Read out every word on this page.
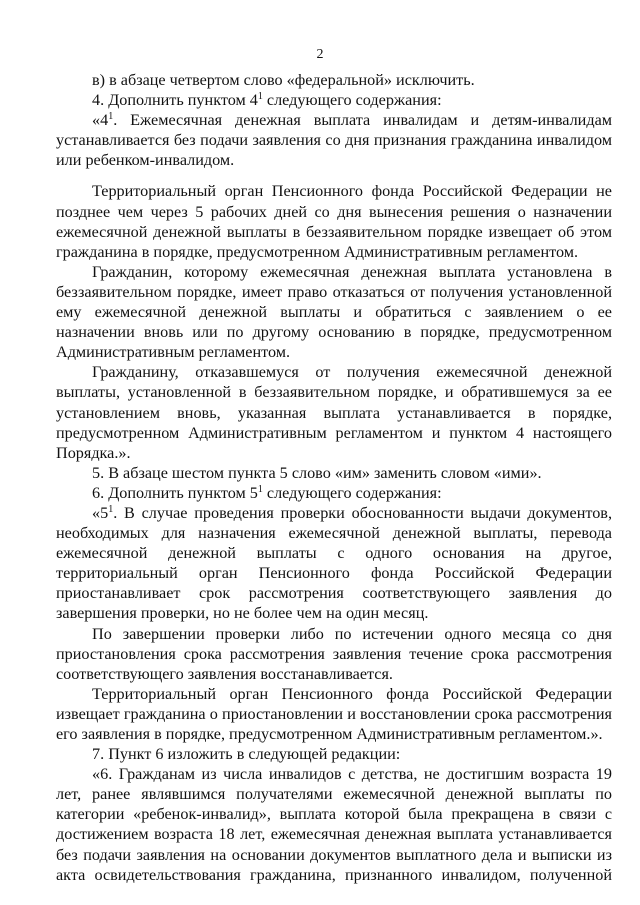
2

в) в абзаце четвертом слово «федеральной» исключить.

4. Дополнить пунктом $4^1$ следующего содержания:

«$4^1$. Ежемесячная денежная выплата инвалидам и детям-инвалидам устанавливается без подачи заявления со дня признания гражданина инвалидом или ребенком-инвалидом.

Территориальный орган Пенсионного фонда Российской Федерации не позднее чем через 5 рабочих дней со дня вынесения решения о назначении ежемесячной денежной выплаты в беззаявительном порядке извещает об этом гражданина в порядке, предусмотренном Административным регламентом.

Гражданин, которому ежемесячная денежная выплата установлена в беззаявительном порядке, имеет право отказаться от получения установленной ему ежемесячной денежной выплаты и обратиться с заявлением о ее назначении вновь или по другому основанию в порядке, предусмотренном Административным регламентом.

Гражданину, отказавшемуся от получения ежемесячной денежной выплаты, установленной в беззаявительном порядке, и обратившемуся за ее установлением вновь, указанная выплата устанавливается в порядке, предусмотренном Административным регламентом и пунктом 4 настоящего Порядка.».

5. В абзаце шестом пункта 5 слово «им» заменить словом «ими».

6. Дополнить пунктом $5^1$ следующего содержания:

«$5^1$. В случае проведения проверки обоснованности выдачи документов, необходимых для назначения ежемесячной денежной выплаты, перевода ежемесячной денежной выплаты с одного основания на другое, территориальный орган Пенсионного фонда Российской Федерации приостанавливает срок рассмотрения соответствующего заявления до завершения проверки, но не более чем на один месяц.

По завершении проверки либо по истечении одного месяца со дня приостановления срока рассмотрения заявления течение срока рассмотрения соответствующего заявления восстанавливается.

Территориальный орган Пенсионного фонда Российской Федерации извещает гражданина о приостановлении и восстановлении срока рассмотрения его заявления в порядке, предусмотренном Административным регламентом.».

7. Пункт 6 изложить в следующей редакции:

«6. Гражданам из числа инвалидов с детства, не достигшим возраста 19 лет, ранее являвшимся получателями ежемесячной денежной выплаты по категории «ребенок-инвалид», выплата которой была прекращена в связи с достижением возраста 18 лет, ежемесячная денежная выплата устанавливается без подачи заявления на основании документов выплатного дела и выписки из акта освидетельствования гражданина, признанного инвалидом, полученной
